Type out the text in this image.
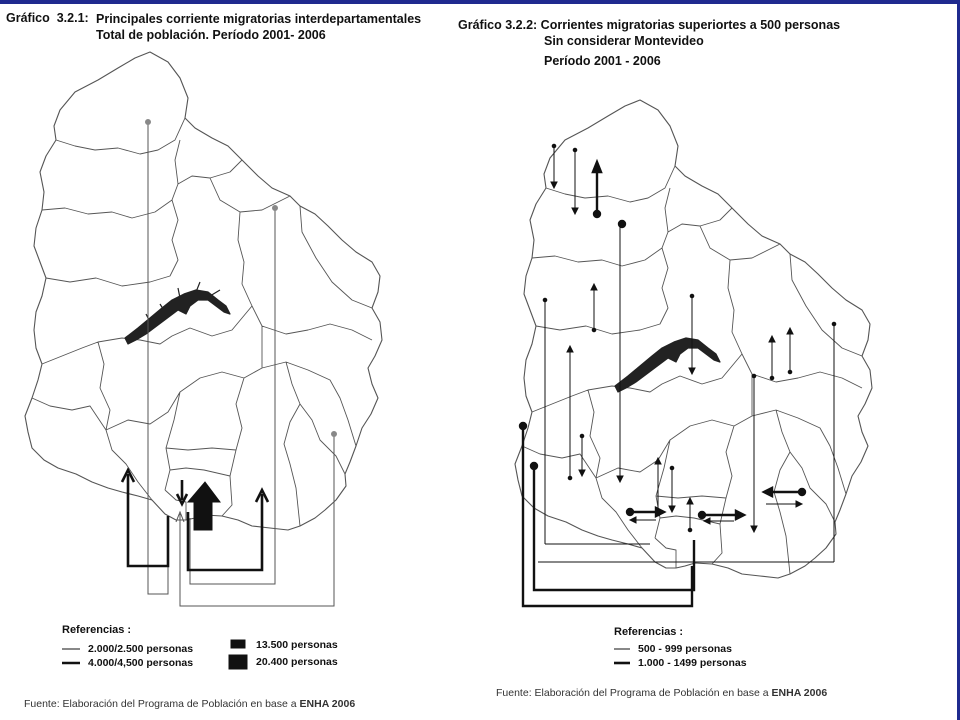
Gráfico 3.2.1: Principales corriente migratorias interdepartamentales
Total de población. Período 2001- 2006
Gráfico 3.2.2: Corrientes migratorias superiortes a 500 personas
Sin considerar Montevideo
Período 2001 - 2006
Referencias :
2.000/2.500 personas
4.000/4,500 personas
13.500 personas
20.400 personas
Referencias :
500 - 999 personas
1.000 - 1499 personas
Fuente: Elaboración del Programa de Población en base a ENHA 2006
Fuente: Elaboración del Programa de Población en base a ENHA 2006
